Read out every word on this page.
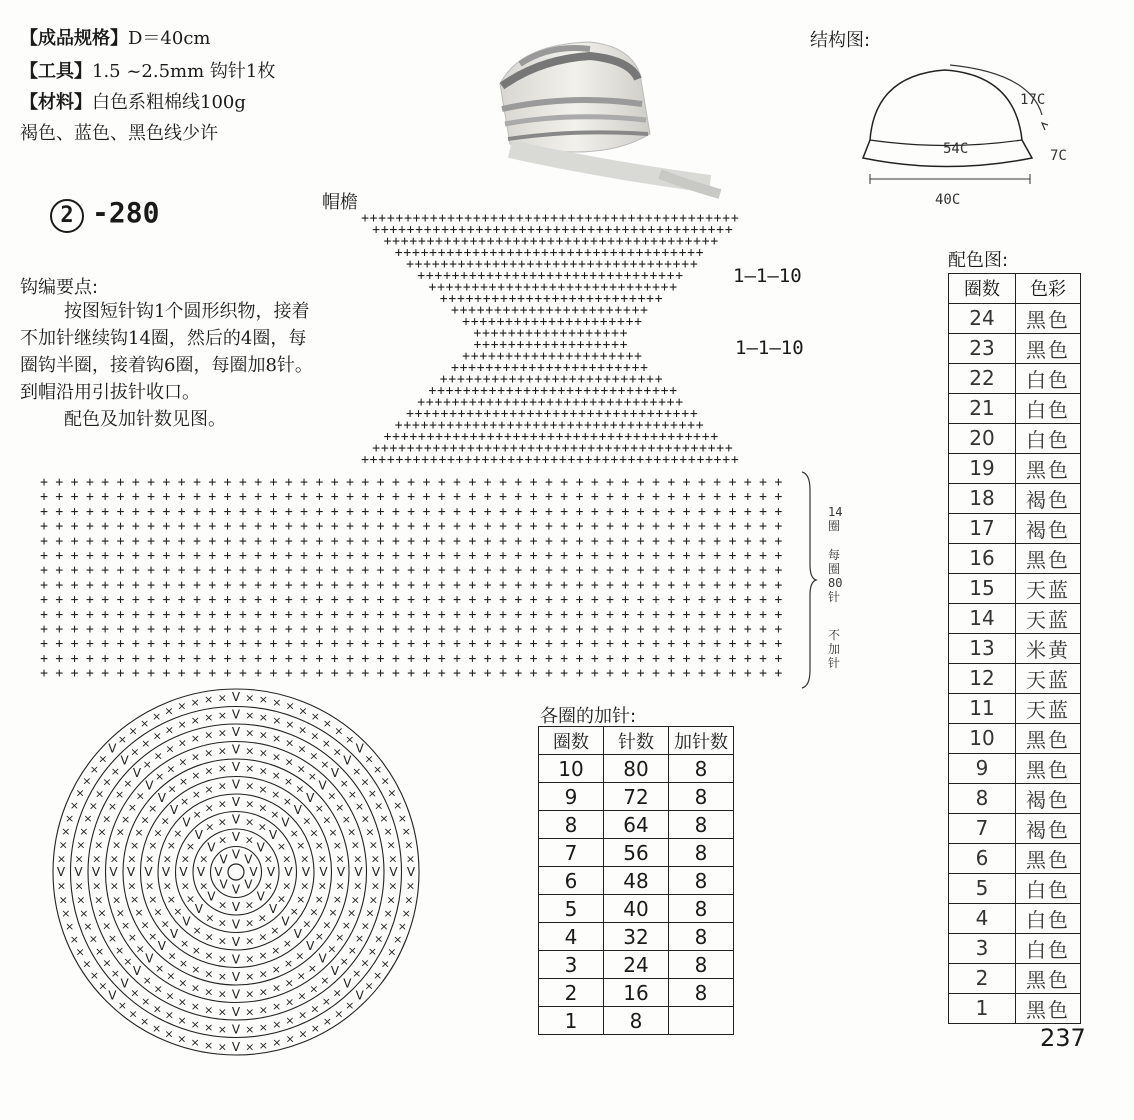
【成品规格】D＝40cm
【工具】1.5 ~2.5mm 钩针1枚
【材料】白色系粗棉线100g
褐色、蓝色、黑色线少许
结构图:
17C
54C	7C
40C
2 -280	帽檐
+ + + + + + + + + + + + + + + + + + + + + + + + + + + + + + + + + + + + + + + + + + + +
+ + + + + + + + + + + + + + + + + + + + + + + + + + + + + + + + + + + + + + + + + +
+ + + + + + + + + + + + + + + + + + + + + + + + + + + + + + + + + + + + + + +
+ + + + + + + + + + + + + + + + + + + + + + + + + + + + + + + + + + + +
+ + + + + + + + + + + + + + + + + + + + + + + + + + + + + + + + + +
+ + + + + + + + + + + + + + + + + + + + + + + + + + + + + + +
+ + + + + + + + + + + + + + + + + + + + + + + + + + + + +
+ + + + + + + + + + + + + + + + + + + + + + + + + +
+ + + + + + + + + + + + + + + + + + + + + + +
+ + + + + + + + + + + + + + + + + + + + +
+ + + + + + + + + + + + + + + + + +
+ + + + + + + + + + + + + + + + + +
+ + + + + + + + + + + + + + + + + + + + +
+ + + + + + + + + + + + + + + + + + + + + + +
+ + + + + + + + + + + + + + + + + + + + + + + + + +
+ + + + + + + + + + + + + + + + + + + + + + + + + + + + +
+ + + + + + + + + + + + + + + + + + + + + + + + + + + + + + +
+ + + + + + + + + + + + + + + + + + + + + + + + + + + + + + + + + +
+ + + + + + + + + + + + + + + + + + + + + + + + + + + + + + + + + + + +
+ + + + + + + + + + + + + + + + + + + + + + + + + + + + + + + + + + + + + + +
+ + + + + + + + + + + + + + + + + + + + + + + + + + + + + + + + + + + + + + + + + +
+ + + + + + + + + + + + + + + + + + + + + + + + + + + + + + + + + + + + + + + + + + + +
+ + + + + + + + + + + + + + + + + + + + + + + + + + + + + + + + + + + + + + + + + + + + + + + + +
+ + + + + + + + + + + + + + + + + + + + + + + + + + + + + + + + + + + + + + + + + + + + + + + + +
+ + + + + + + + + + + + + + + + + + + + + + + + + + + + + + + + + + + + + + + + + + + + + + + + +
+ + + + + + + + + + + + + + + + + + + + + + + + + + + + + + + + + + + + + + + + + + + + + + + + +
+ + + + + + + + + + + + + + + + + + + + + + + + + + + + + + + + + + + + + + + + + + + + + + + + +
+ + + + + + + + + + + + + + + + + + + + + + + + + + + + + + + + + + + + + + + + + + + + + + + + +
+ + + + + + + + + + + + + + + + + + + + + + + + + + + + + + + + + + + + + + + + + + + + + + + + +
+ + + + + + + + + + + + + + + + + + + + + + + + + + + + + + + + + + + + + + + + + + + + + + + + +
+ + + + + + + + + + + + + + + + + + + + + + + + + + + + + + + + + + + + + + + + + + + + + + + + +
+ + + + + + + + + + + + + + + + + + + + + + + + + + + + + + + + + + + + + + + + + + + + + + + + +
+ + + + + + + + + + + + + + + + + + + + + + + + + + + + + + + + + + + + + + + + + + + + + + + + +
+ + + + + + + + + + + + + + + + + + + + + + + + + + + + + + + + + + + + + + + + + + + + + + + + +
+ + + + + + + + + + + + + + + + + + + + + + + + + + + + + + + + + + + + + + + + + + + + + + + + +
+ + + + + + + + + + + + + + + + + + + + + + + + + + + + + + + + + + + + + + + + + + + + + + + + +
V
V
V
V
V
V V V
V
×
V
×
V
×
V
×
V
×
V
× V ×
V
×
V
×
×
V
×
×
V
×
×
V
×
×
V
×
×
V
× × V × ×
V
×
×
V
×
×
×
V
×
×
×
V
×
×
×
V
×
×
×
V
×
×
×
V
× × × V × × ×
V
×
×
×
V
×
×
×
×
V
×
×
×
×
V
×
×
×
×
V
×
×
×
×
V
×
×
×
×
V
×
× × × V × × ×
×
V
×
×
×
×
V
×
×
×
×
×
V
×
×
×
×
×
V
×
×
×
×
×
V
×
×
×
×
×
V
×
×
×
×
×
V
×
× × × × V × × × ×
×
V
×
×
×
×
×
V
×
×
×
×
×
×
V
×
×
×
×
×
×
V
×
×
×
×
×
×
V
×
×
×
×
×
×
V
×
×
×
×
×
×
V
×
×
× × × × V × × × ×
×
×
V
×
×
×
×
×
×
V
×
×
×
×
×
×
×
V
×
×
×
×
×
×
×
V
×
×
×
×
×
×
×
V
×
×
×
×
×
×
×
V
×
×
×
×
×
×
×
V
×
×
× × × × × V × × × × ×
×
×
V
×
×
×
×
×
×
×
V
×
×
×
×
×
×
×
×
V
×
×
×
×
×
×
×
×
V
×
×
×
×
×
×
×
×
V
×
×
×
×
×
×
×
×
V
×
×
×
×
×
×
×
×
V
×
×
× × × × × × V × × × × × ×
×
×
V
×
×
×
×
×
×
×
×
V
×
×
×
×
×
×
×
×
×
V
×
×
×
×
×
×
×
×
×
V
×
×
×
×
×
×
×
×
×
V
×
×
×
×
×
×
×
×
×
V
×
×
×
×
×
×
×
×
×
V
×
×
×
× × × × × × V × × × × × ×
×
×
×
V
×
×
×
×
×
×
×
×
×
1—1—10
1—1—10
钩编要点:

按图短针钩1个圆形织物，接着

不加针继续钩14圈，然后的4圈，每

圈钩半圈，接着钩6圈，每圈加8针。

到帽沿用引拔针收口。

配色及加针数见图。

14圈
每圈80针
不加针
各圈的加针:
圈数	针数	加针数
10	80	8
9	72	8
8	64	8
7	56	8
6	48	8
5	40	8
4	32	8
3	24	8
2	16	8
1	8	
配色图:
圈数	色彩
24	黑色
23	黑色
22	白色
21	白色
20	白色
19	黑色
18	褐色
17	褐色
16	黑色
15	天蓝
14	天蓝
13	米黄
12	天蓝
11	天蓝
10	黑色
9	黑色
8	褐色
7	褐色
6	黑色
5	白色
4	白色
3	白色
2	黑色
1	黑色
237
